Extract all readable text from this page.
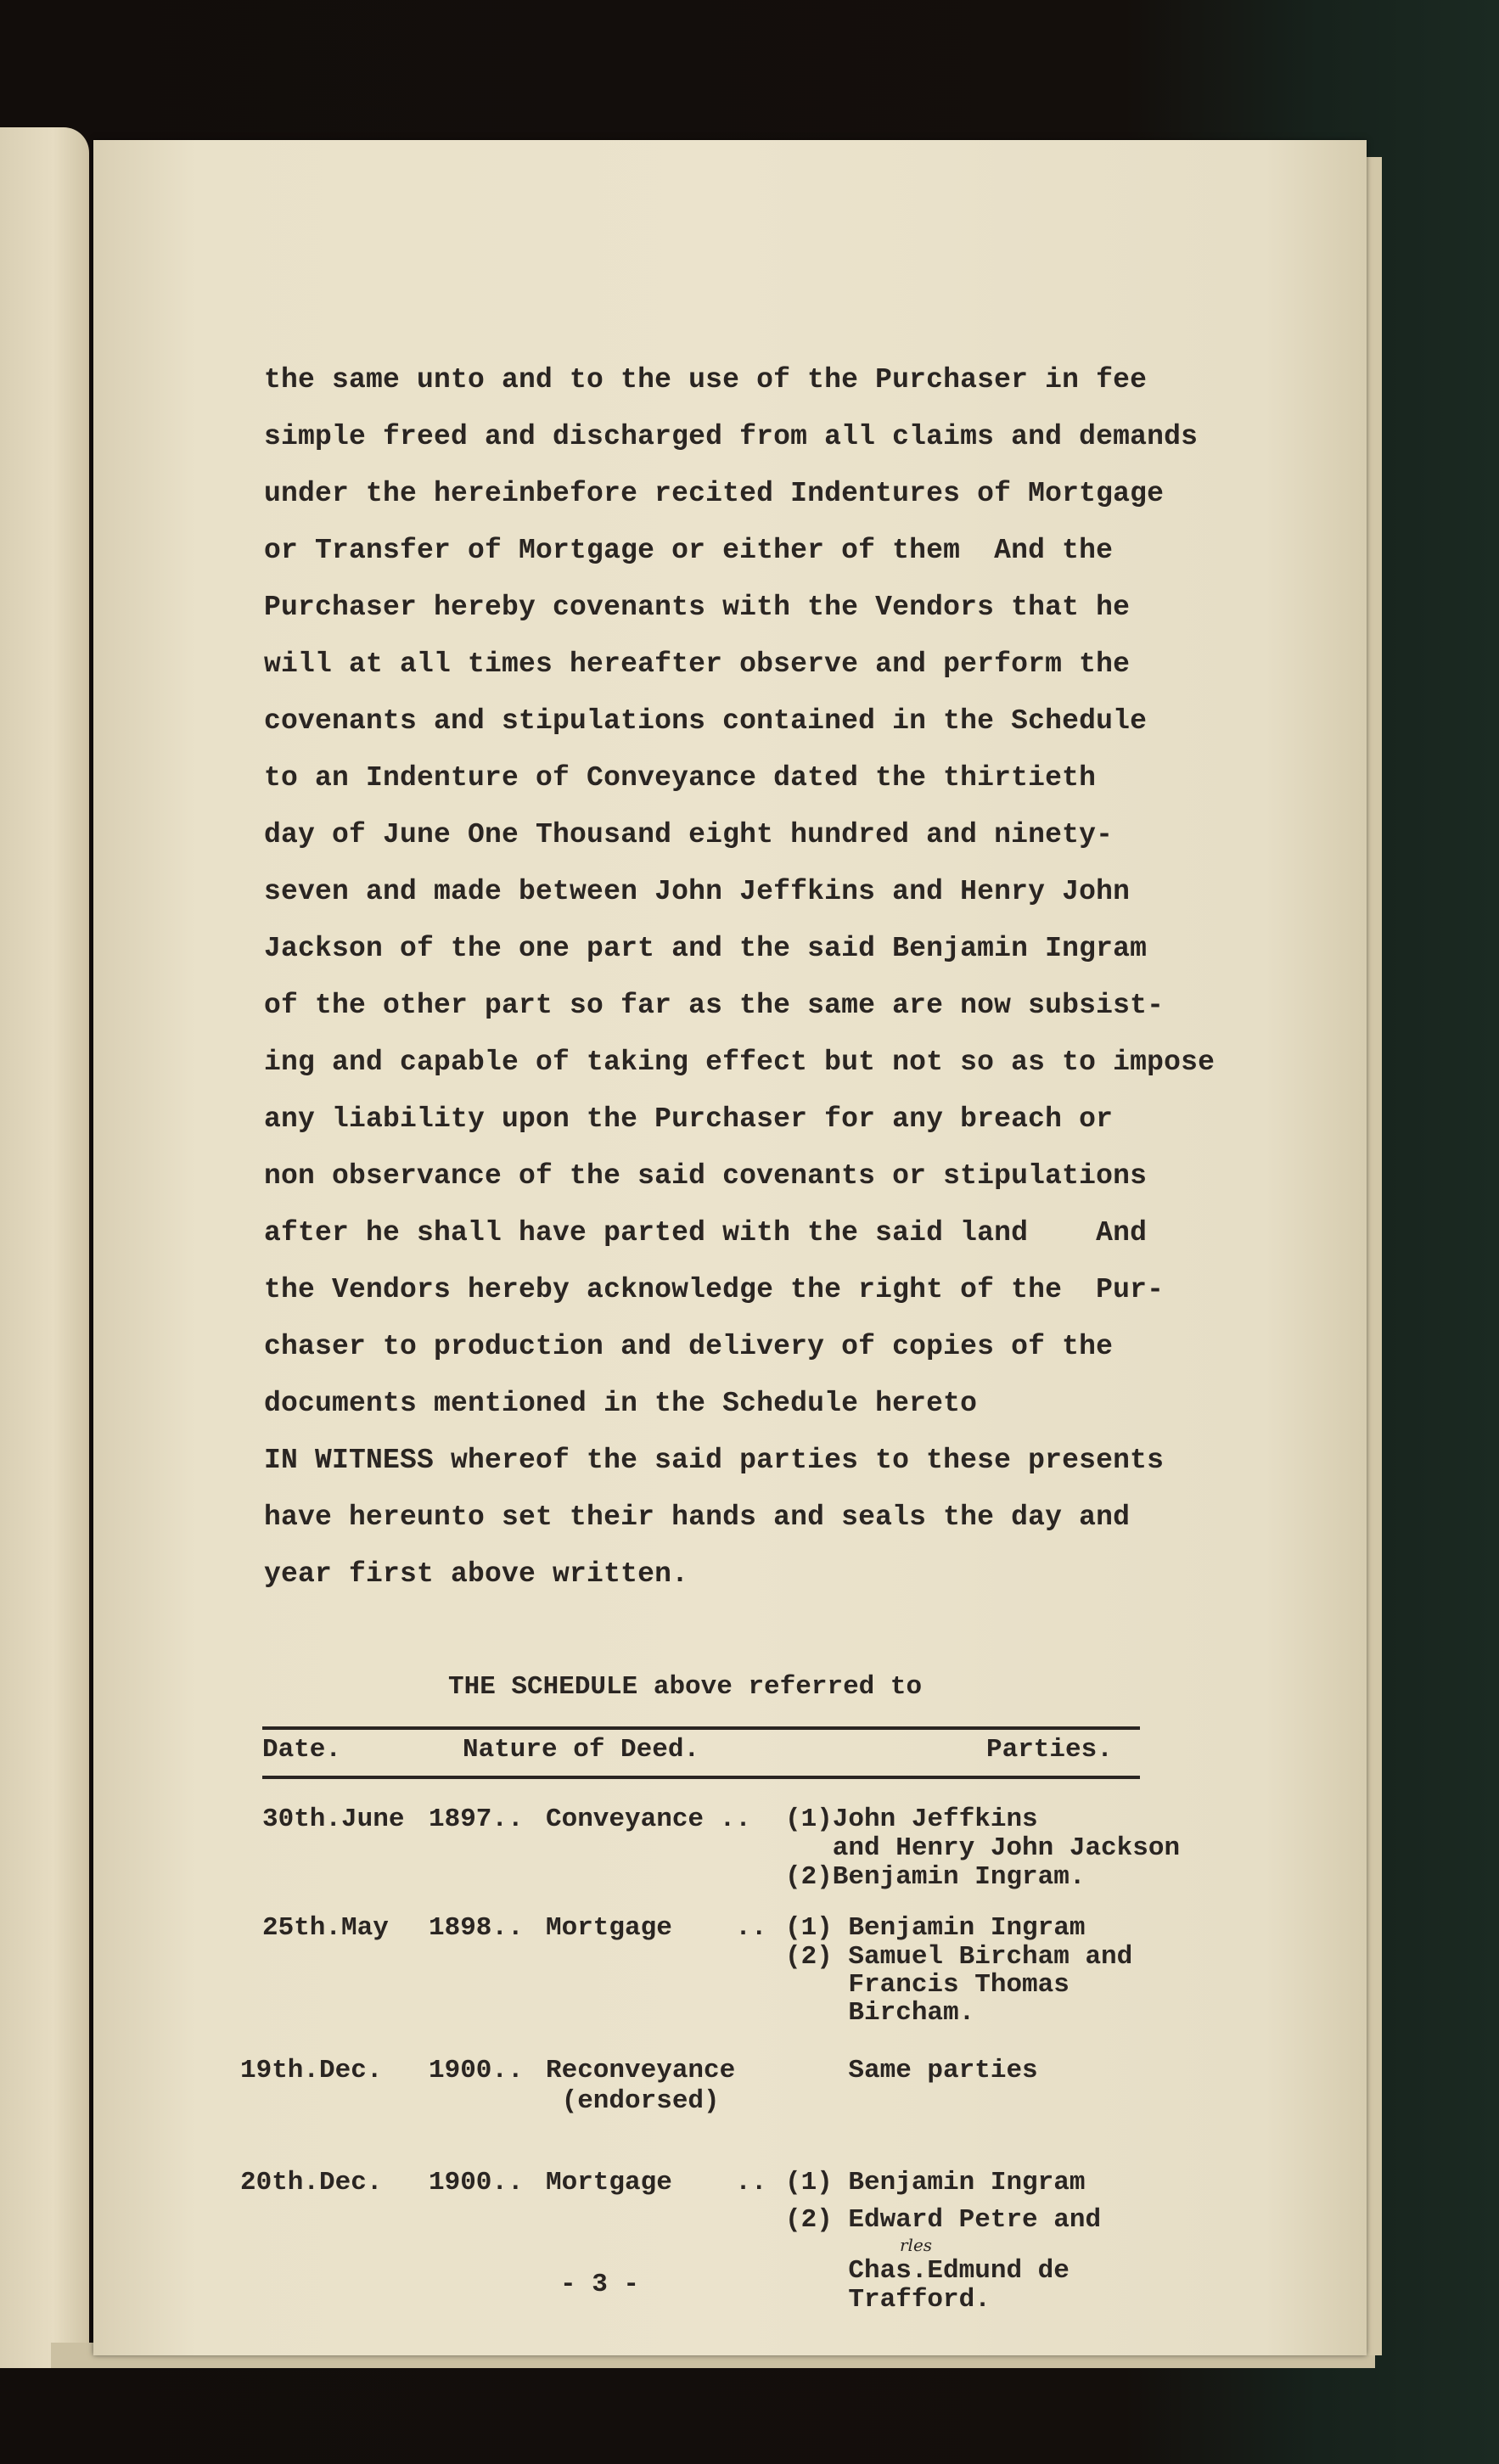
the same unto and to the use of the Purchaser in fee
simple freed and discharged from all claims and demands
under the hereinbefore recited Indentures of Mortgage
or Transfer of Mortgage or either of them  And the
Purchaser hereby covenants with the Vendors that he
will at all times hereafter observe and perform the
covenants and stipulations contained in the Schedule
to an Indenture of Conveyance dated the thirtieth
day of June One Thousand eight hundred and ninety-
seven and made between John Jeffkins and Henry John
Jackson of the one part and the said Benjamin Ingram
of the other part so far as the same are now subsist-
ing and capable of taking effect but not so as to impose
any liability upon the Purchaser for any breach or
non observance of the said covenants or stipulations
after he shall have parted with the said land    And
the Vendors hereby acknowledge the right of the  Pur-
chaser to production and delivery of copies of the
documents mentioned in the Schedule hereto
IN WITNESS whereof the said parties to these presents
have hereunto set their hands and seals the day and
year first above written.
THE SCHEDULE above referred to
Date.	Nature of Deed.	Parties.
30th.June 1897.. Conveyance .. (1)John Jeffkins
and Henry John Jackson
(2)Benjamin Ingram.
25th.May 1898.. Mortgage    .. (1) Benjamin Ingram
(2) Samuel Bircham and
Francis Thomas
Bircham.
19th.Dec. 1900.. Reconveyance
(endorsed)
Same parties
20th.Dec. 1900.. Mortgage    .. (1) Benjamin Ingram
(2) Edward Petre and
Chas.Edmund de
Trafford.
rles
- 3 -
